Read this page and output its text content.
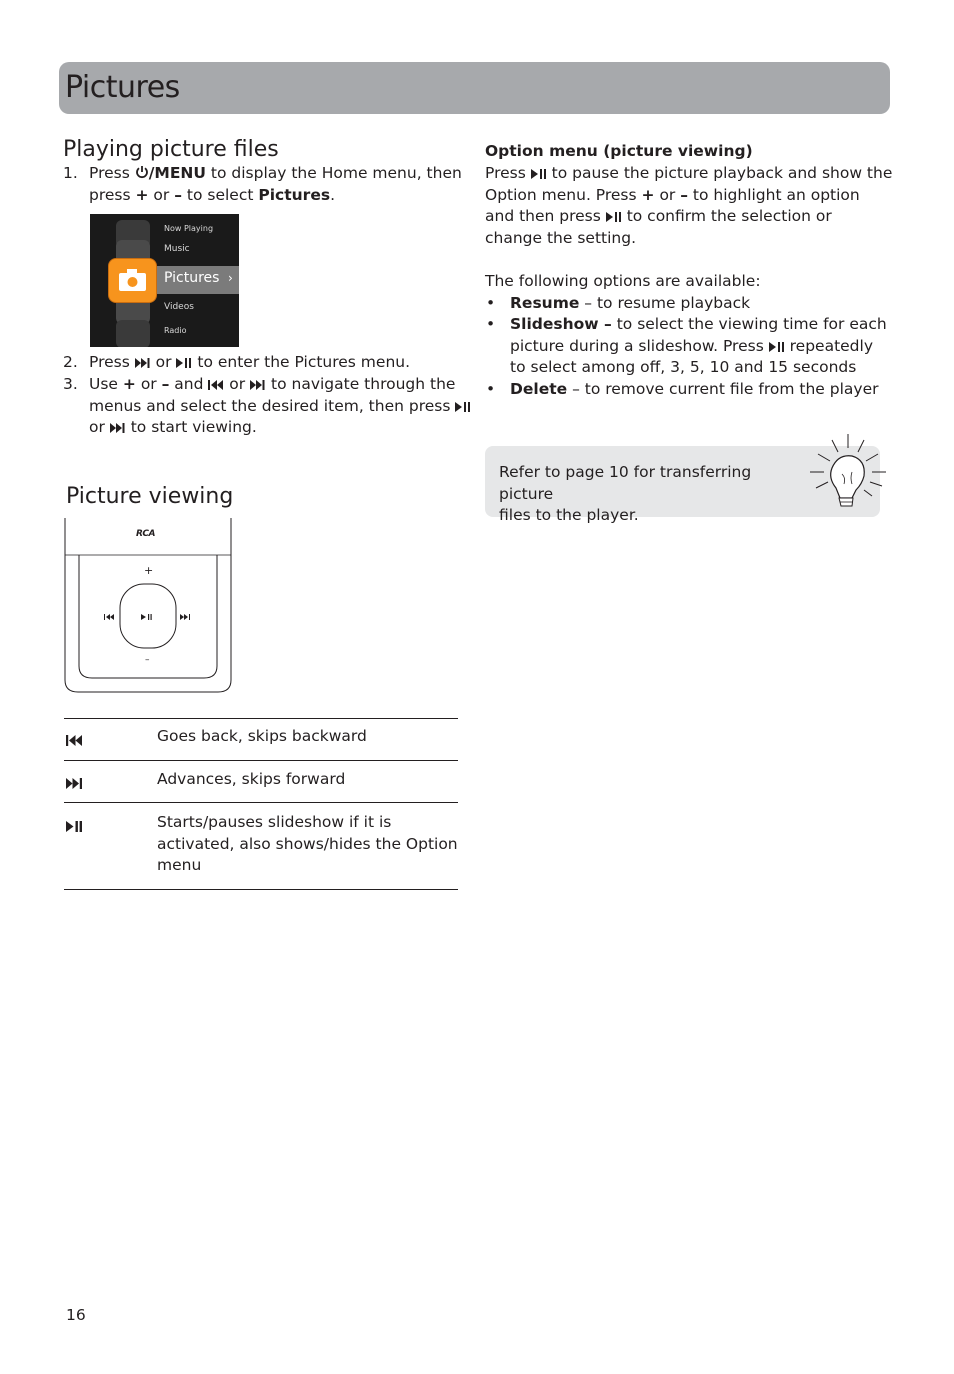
Pictures
Playing picture files
1. Press /MENU to display the Home menu, then
press + or – to select Pictures.
Now Playing
Music
Pictures ›
Videos
Radio
2. Press  or  to enter the Pictures menu.
3. Use + or – and  or  to navigate through the
menus and select the desired item, then press
or  to start viewing.
Picture viewing
RCA
+
–
Goes back, skips backward
Advances, skips forward
Starts/pauses slideshow if it is
activated, also shows/hides the Option
menu
Option menu (picture viewing)
Press  to pause the picture playback and show the
Option menu. Press + or – to highlight an option
and then press  to confirm the selection or
change the setting.
The following options are available:
• Resume – to resume playback
• Slideshow – to select the viewing time for each
picture during a slideshow. Press  repeatedly
to select among off, 3, 5, 10 and 15 seconds
• Delete – to remove current file from the player
Refer to page 10 for transferring picture
files to the player.
16
